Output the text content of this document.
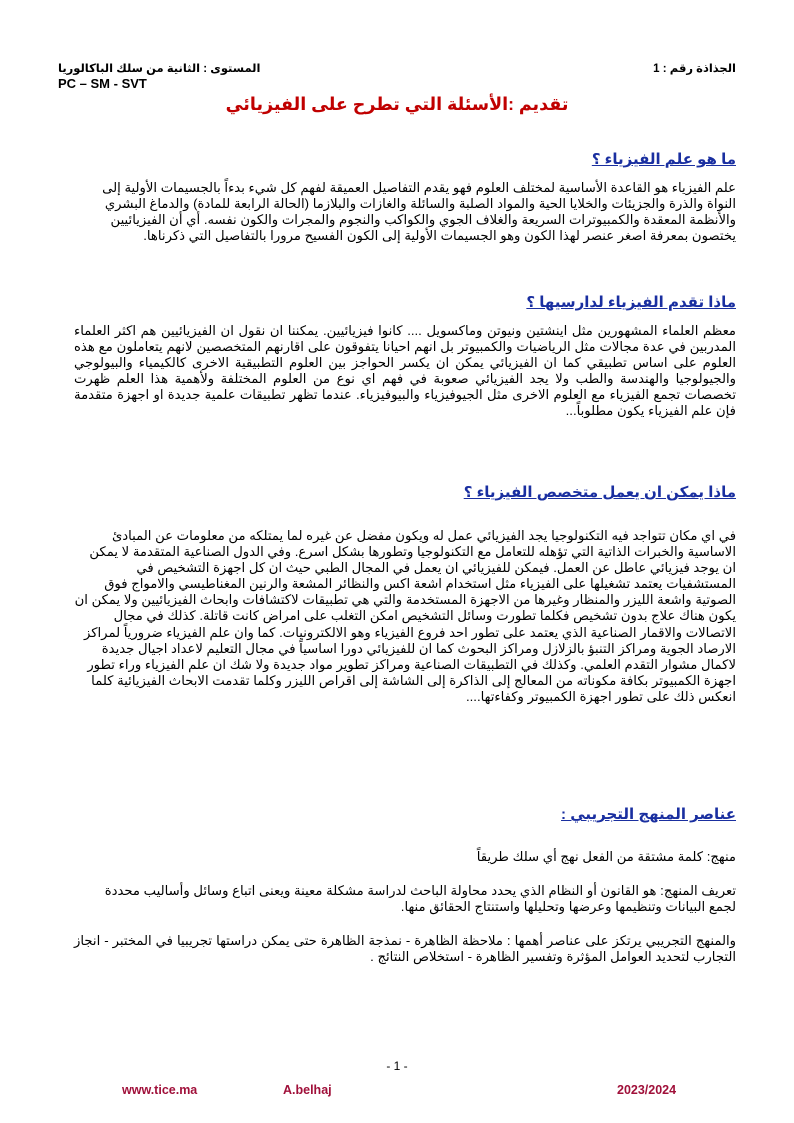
الجذاذة رقم : 1
المستوى : الثانية من سلك الباكالوريا
PC – SM - SVT
تقديم :الأسئلة التي تطرح على الفيزيائي
ما هو علم الفيزياء ؟
علم الفيزياء هو القاعدة الأساسية لمختلف العلوم فهو يقدم التفاصيل العميقة لفهم كل شيء بدءاً بالجسيمات الأولية إلى النواة والذرة والجزيئات والخلايا الحية والمواد الصلبة والسائلة والغازات والبلازما (الحالة الرابعة للمادة) والدماغ البشري والأنظمة المعقدة والكمبيوترات السريعة والغلاف الجوي والكواكب والنجوم والمجرات والكون نفسه. أي أن الفيزيائيين يختصون بمعرفة اصغر عنصر لهذا الكون وهو الجسيمات الأولية إلى الكون الفسيح مرورا بالتفاصيل التي ذكرناها.
ماذا تقدم الفيزياء لدارسيها ؟
معظم العلماء المشهورين مثل اينشتين ونيوتن وماكسويل .... كانوا فيزيائيين. يمكننا ان نقول ان الفيزيائيين هم اكثر العلماء المدربين في عدة مجالات مثل الرياضيات والكمبيوتر بل انهم احيانا يتفوقون على اقارنهم المتخصصين لانهم يتعاملون مع هذه العلوم على اساس تطبيقي كما ان الفيزيائي يمكن ان يكسر الحواجز بين العلوم التطبيقية الاخرى كالكيمياء والبيولوجي والجيولوجيا والهندسة والطب ولا يجد الفيزيائي صعوبة في فهم اي نوع من العلوم المختلفة ولأهمية هذا العلم ظهرت تخصصات تجمع الفيزياء مع العلوم الاخرى مثل الجيوفيزياء والبيوفيزياء. عندما تظهر تطبيقات علمية جديدة او اجهزة متقدمة فإن علم الفيزياء يكون مطلوباً...
ماذا يمكن ان يعمل متخصص الفيزياء ؟
في اي مكان تتواجد فيه التكنولوجيا يجد الفيزيائي عمل له ويكون مفضل عن غيره لما يمتلكه من معلومات عن المبادئ الاساسية والخبرات الذاتية التي تؤهله للتعامل مع التكنولوجيا وتطورها بشكل اسرع. وفي الدول الصناعية المتقدمة لا يمكن ان يوجد فيزيائي عاطل عن العمل. فيمكن للفيزيائي ان يعمل في المجال الطبي حيث ان كل اجهزة التشخيص في المستشفيات يعتمد تشغيلها على الفيزياء مثل استخدام اشعة اكس والنظائر المشعة والرنين المغناطيسي والامواج فوق الصوتية واشعة الليزر والمنظار وغيرها من الاجهزة المستخدمة والتي هي تطبيقات لاكتشافات وابحاث الفيزيائيين ولا يمكن ان يكون هناك علاج بدون تشخيص فكلما تطورت وسائل التشخيص امكن التغلب على امراض كانت قاتلة. كذلك في مجال الاتصالات والاقمار الصناعية الذي يعتمد على تطور احد فروع الفيزياء وهو الالكترونيات. كما وان علم الفيزياء ضرورياً لمراكز الارصاد الجوية ومراكز التنبؤ بالزلازل ومراكز البحوث كما ان للفيزيائي دورا اساسياً في مجال التعليم لاعداد اجيال جديدة لاكمال مشوار التقدم العلمي. وكذلك في التطبيقات الصناعية ومراكز تطوير مواد جديدة ولا شك ان علم الفيزياء وراء تطور اجهزة الكمبيوتر بكافة مكوناته من المعالج إلى الذاكرة إلى الشاشة إلى اقراص الليزر وكلما تقدمت الابحاث الفيزيائية كلما انعكس ذلك على تطور اجهزة الكمبيوتر وكفاءتها....
عناصر المنهج التجريبي :
منهج: كلمة مشتقة من الفعل نهج أي سلك طريقاً
تعريف المنهج: هو القانون أو النظام الذي يحدد محاولة الباحث لدراسة مشكلة معينة ويعنى اتباع وسائل وأساليب محددة لجمع البيانات وتنظيمها وعرضها وتحليلها واستنتاج الحقائق منها.
والمنهج التجريبي يرتكز على عناصر أهمها : ملاحظة الظاهرة - نمذجة الظاهرة حتى يمكن دراستها تجريبيا في المختبر - انجاز التجارب لتحديد العوامل المؤثرة وتفسير الظاهرة - استخلاص النتائج .
- 1 -
www.tice.ma	A.belhaj	2023/2024
